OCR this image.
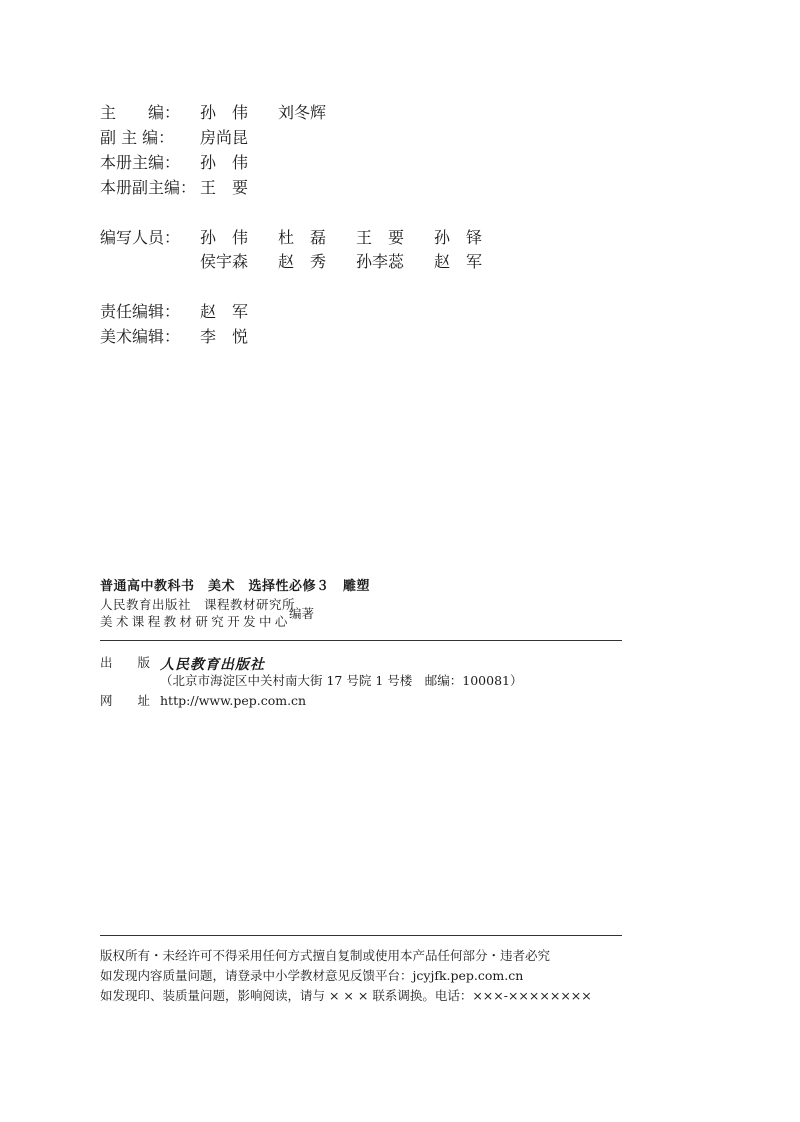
主　　编： 孙　伟 刘冬辉
副 主 编： 房尚昆
本册主编： 孙　伟
本册副主编： 王　要
编写人员： 孙　伟 杜　磊 王　要 孙　铎
侯宇森 赵　秀 孙李蕊 赵　军
责任编辑： 赵　军
美术编辑： 李　悦
普通高中教科书　美术　选择性必修３　雕塑
人民教育出版社　课程教材研究所
美术课程教材研究开发中心
编著
出　　版 人民教育出版社
（北京市海淀区中关村南大街 17 号院 1 号楼　邮编：100081）
网　　址 http://www.pep.com.cn
版权所有・未经许可不得采用任何方式擅自复制或使用本产品任何部分・违者必究
如发现内容质量问题，请登录中小学教材意见反馈平台：jcyjfk.pep.com.cn
如发现印、装质量问题，影响阅读，请与 × × × 联系调换。电话：×××-××××××××
